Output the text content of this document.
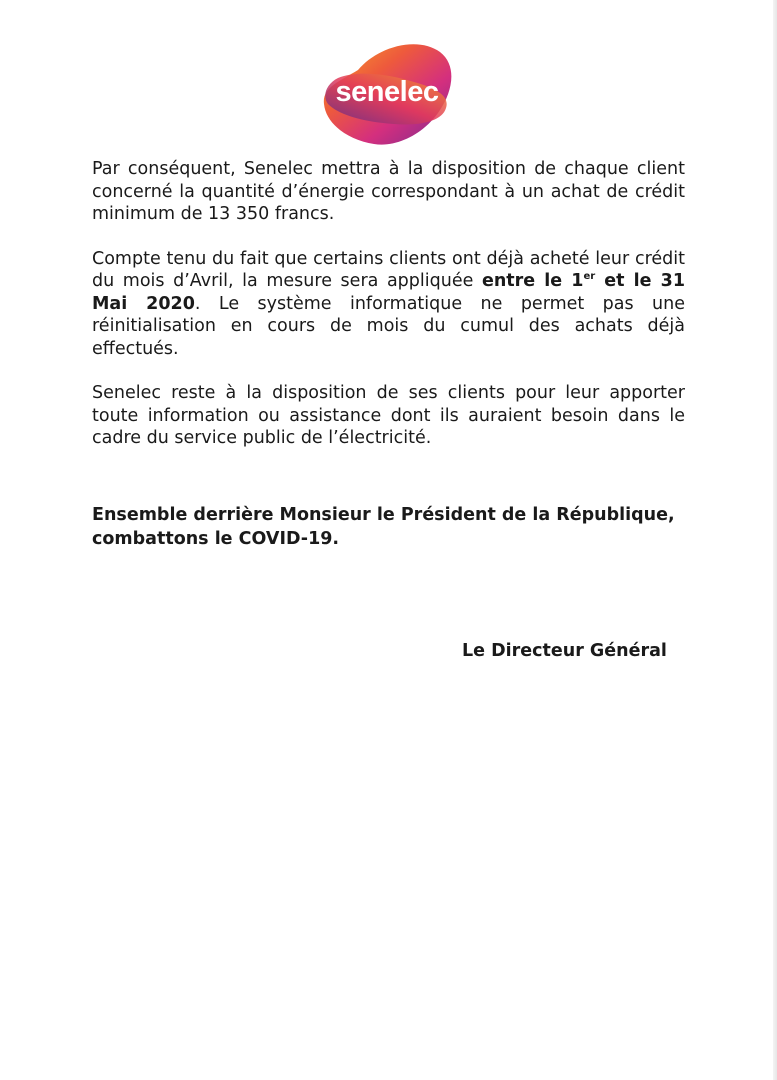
senelec

Par conséquent, Senelec mettra à la disposition de chaque client concerné la quantité d’énergie correspondant à un achat de crédit minimum de 13 350 francs.

Compte tenu du fait que certains clients ont déjà acheté leur crédit du mois d’Avril, la mesure sera appliquée entre le 1er et le 31 Mai 2020. Le système informatique ne permet pas une réinitialisation en cours de mois du cumul des achats déjà effectués.

Senelec reste à la disposition de ses clients pour leur apporter toute information ou assistance dont ils auraient besoin dans le cadre du service public de l’électricité.

Ensemble derrière Monsieur le Président de la République,
combattons le COVID-19.
Le Directeur Général
